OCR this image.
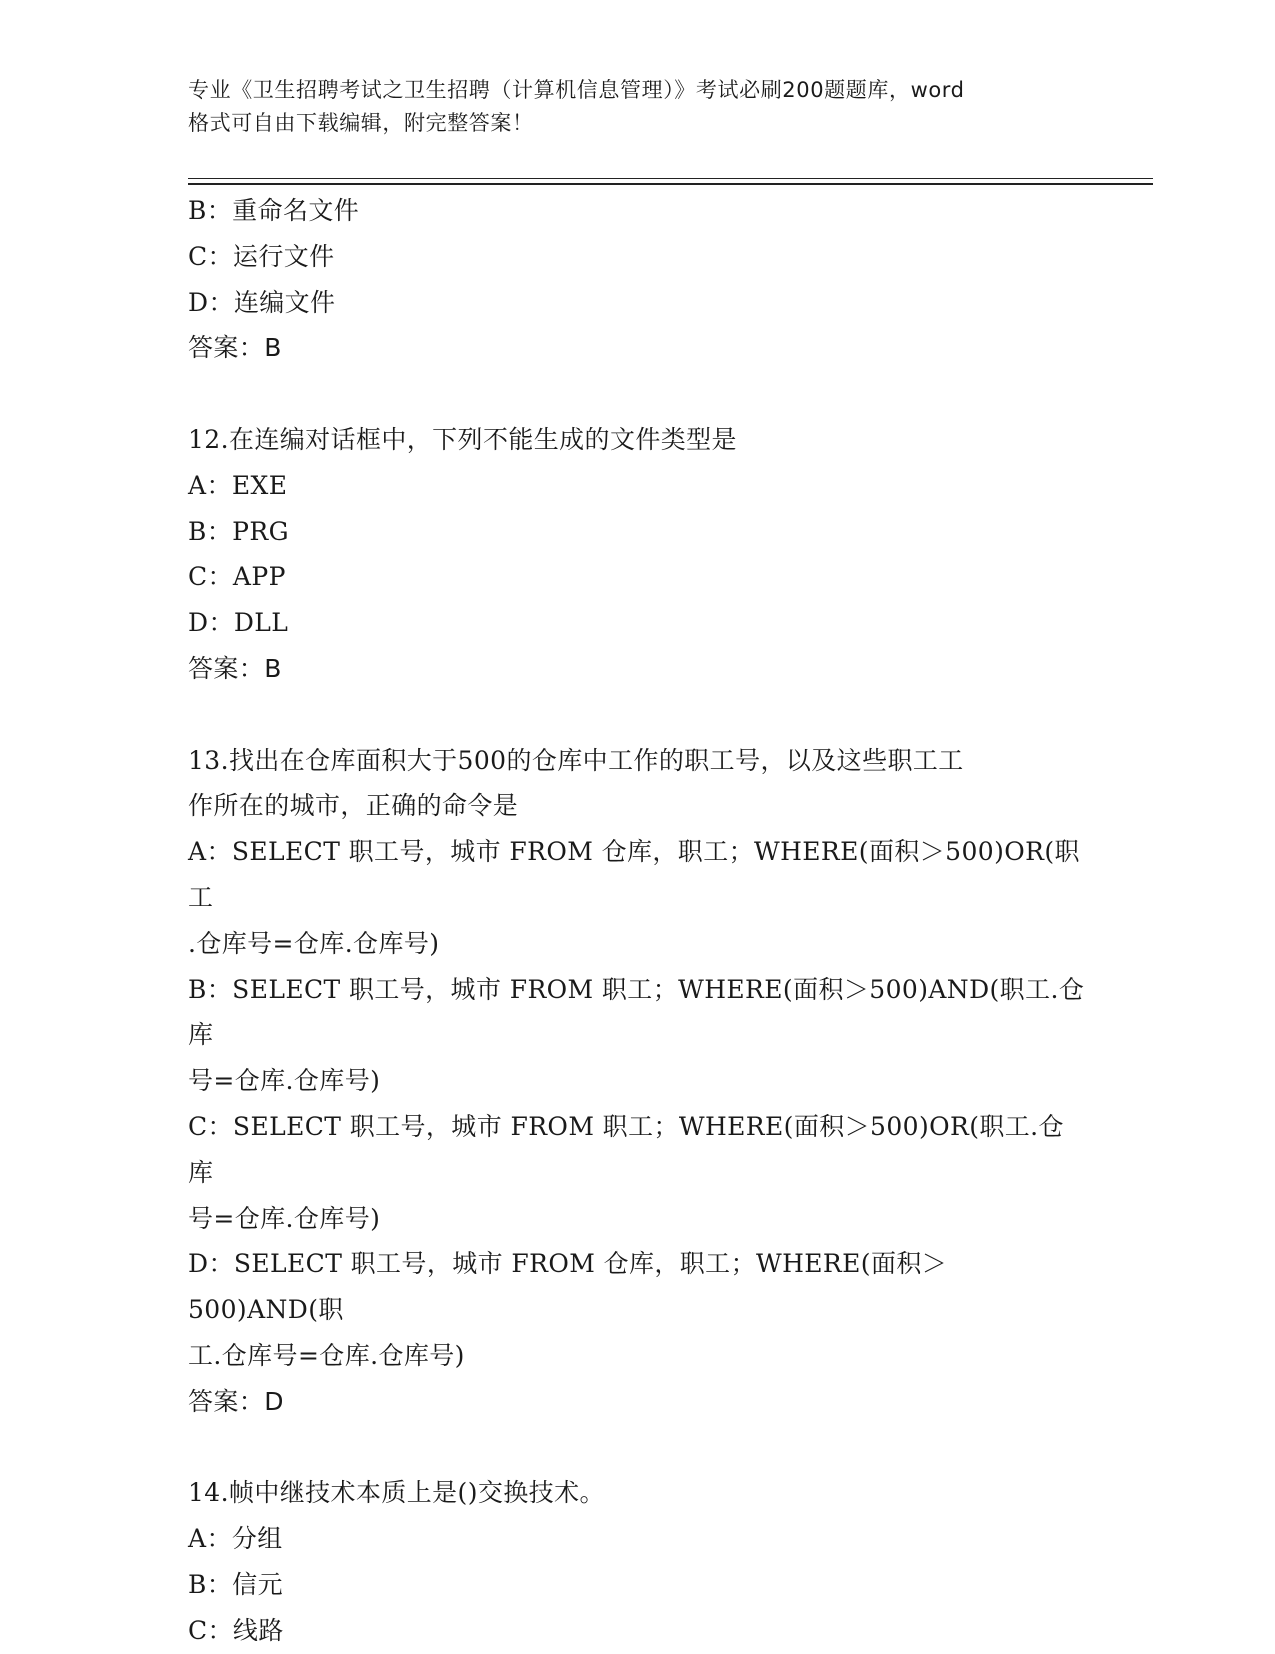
专业《卫生招聘考试之卫生招聘（计算机信息管理）》考试必刷200题题库，word
格式可自由下载编辑，附完整答案！

B：重命名文件

C：运行文件

D：连编文件

答案：B

12.在连编对话框中，下列不能生成的文件类型是

A：EXE

B：PRG

C：APP

D：DLL

答案：B

13.找出在仓库面积大于500的仓库中工作的职工号，以及这些职工工

作所在的城市，正确的命令是

A：SELECT 职工号，城市 FROM 仓库，职工；WHERE(面积＞500)OR(职工

.仓库号=仓库.仓库号)

B：SELECT 职工号，城市 FROM 职工；WHERE(面积＞500)AND(职工.仓库

号=仓库.仓库号)

C：SELECT 职工号，城市 FROM 职工；WHERE(面积＞500)OR(职工.仓库

号=仓库.仓库号)

D：SELECT 职工号，城市 FROM 仓库，职工；WHERE(面积＞500)AND(职

工.仓库号=仓库.仓库号)

答案：D

14.帧中继技术本质上是()交换技术。

A：分组

B：信元

C：线路
